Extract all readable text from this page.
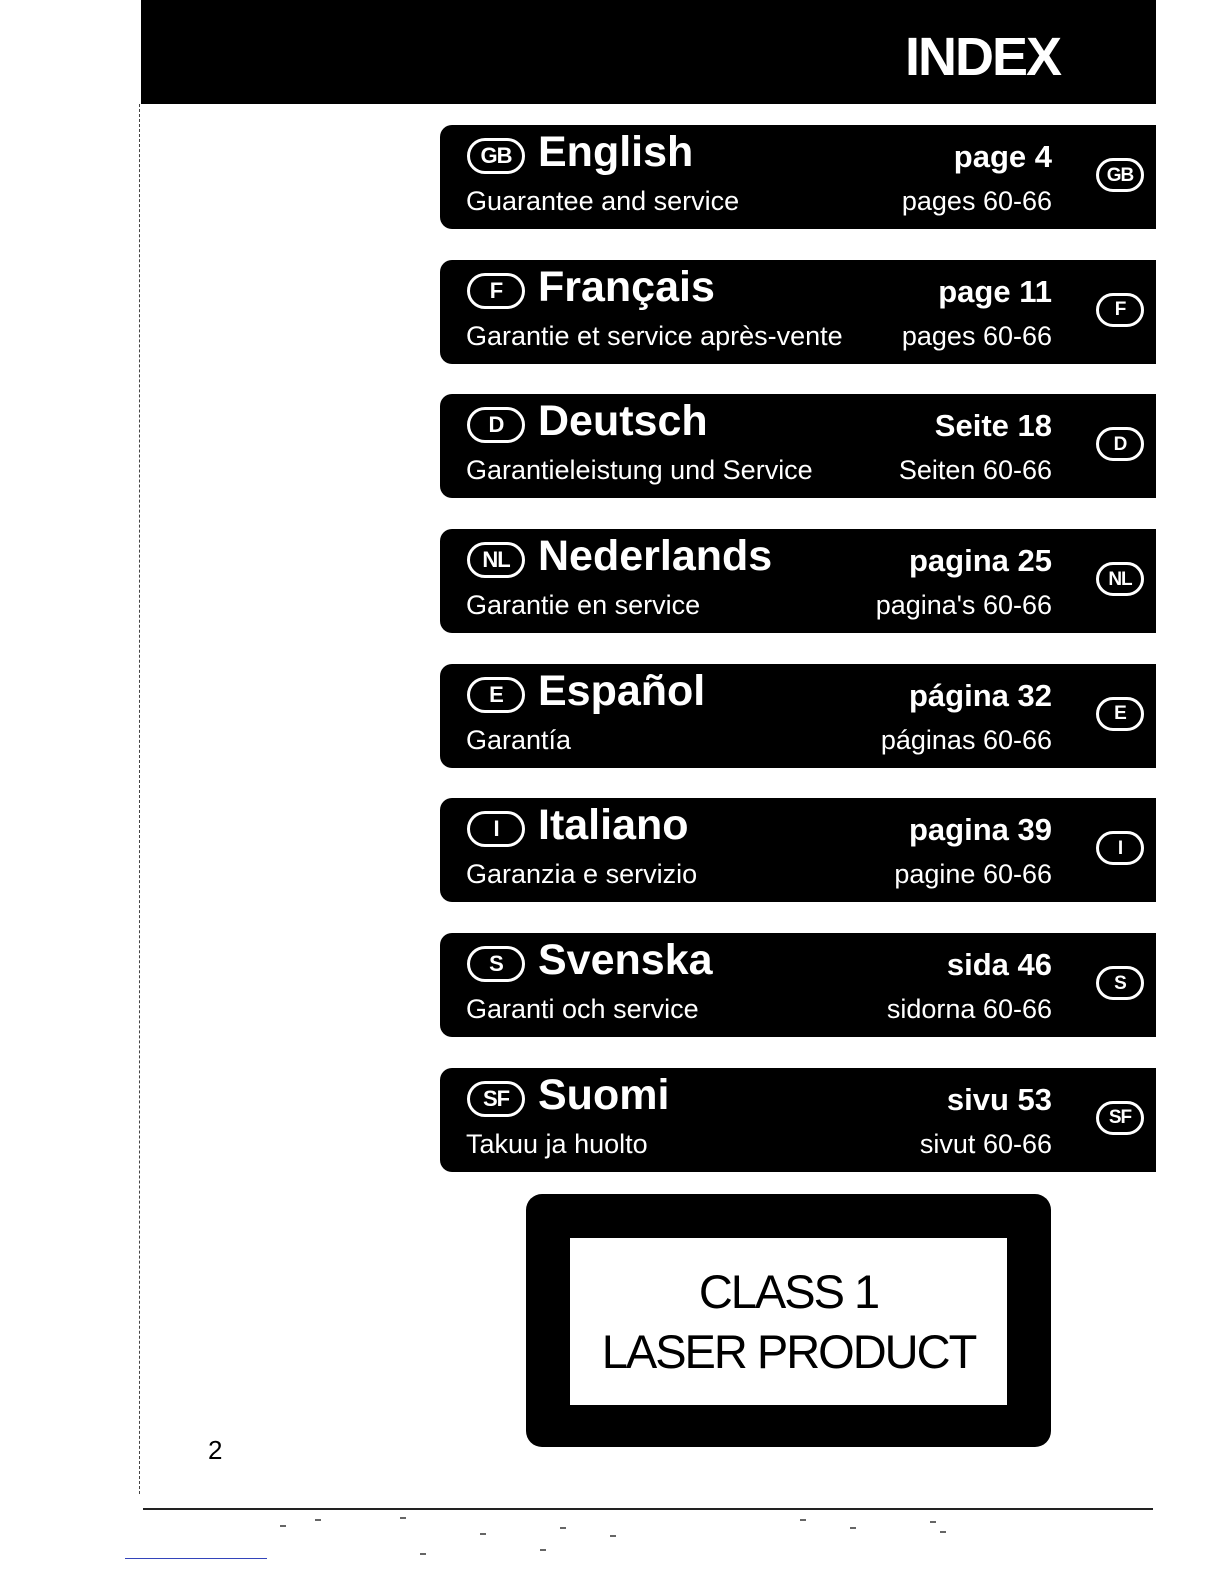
INDEX
GB English	page 4
Guarantee and service	pages 60-66
GB
F Français	page 11
Garantie et service après-vente pages 60-66
F
D Deutsch	Seite 18
Garantieleistung und Service	Seiten 60-66
D
NL Nederlands	pagina 25
Garantie en service	pagina's 60-66
NL
E Español	página 32
Garantía	páginas 60-66
E
I Italiano	pagina 39
Garanzia e servizio	pagine 60-66
I
S Svenska	sida 46
Garanti och service	sidorna 60-66
S
SF Suomi	sivu 53
Takuu ja huolto	sivut 60-66
SF
CLASS 1
LASER PRODUCT
2
